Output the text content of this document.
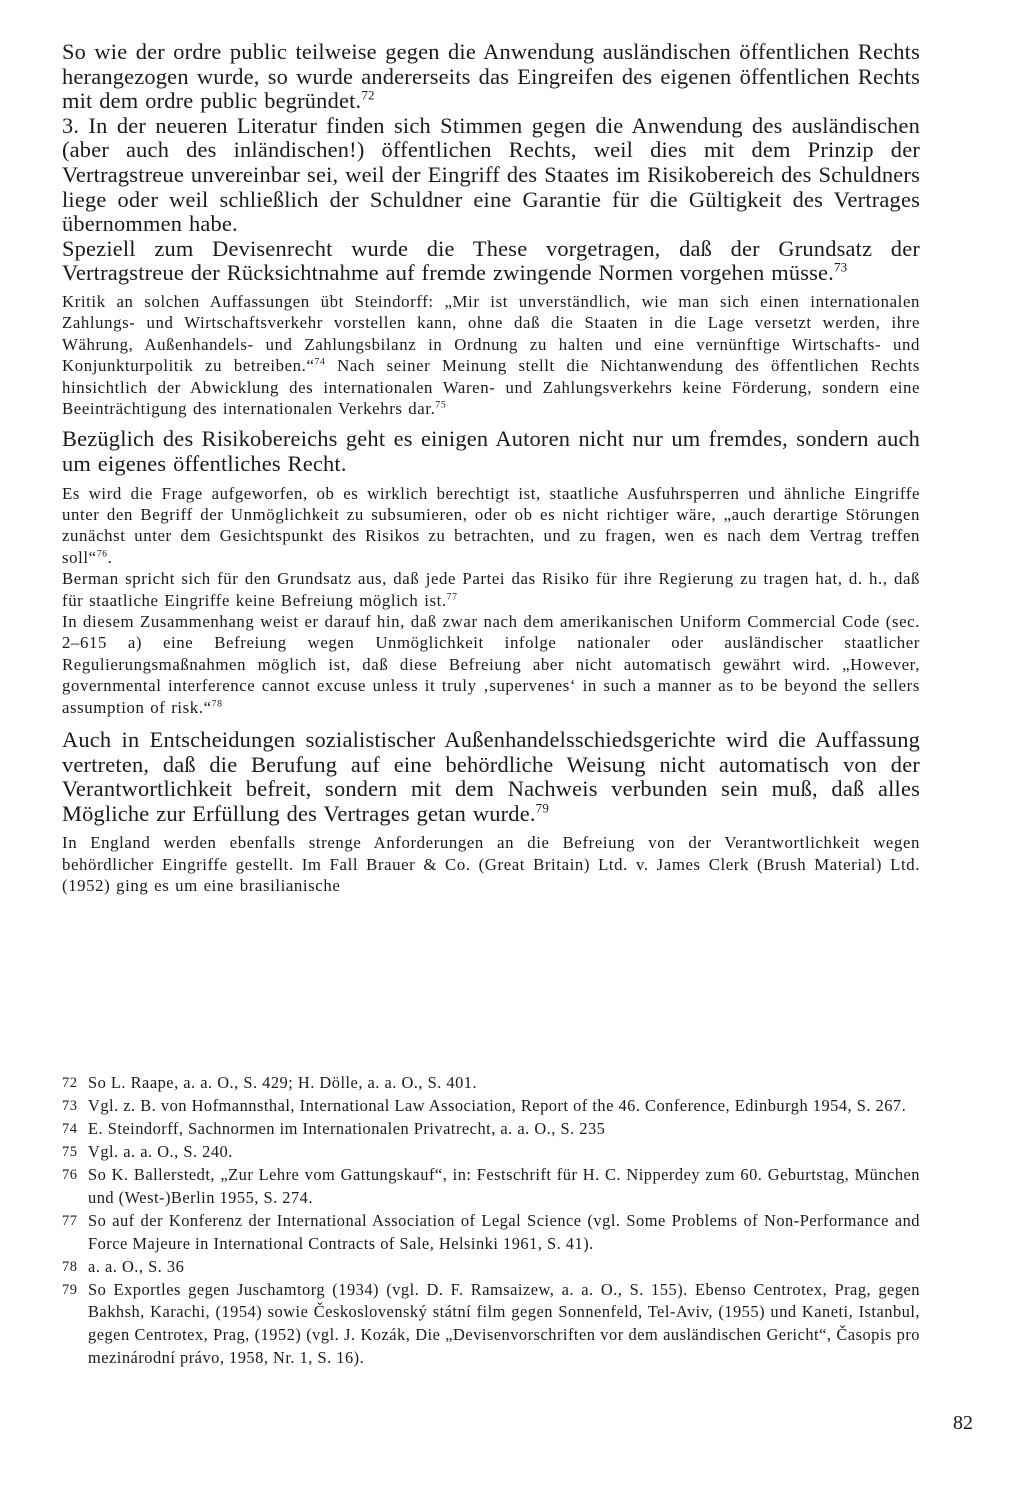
So wie der ordre public teilweise gegen die Anwendung ausländischen öffentlichen Rechts herangezogen wurde, so wurde andererseits das Eingreifen des eigenen öffentlichen Rechts mit dem ordre public begründet.$^{72}$

3. In der neueren Literatur finden sich Stimmen gegen die Anwendung des ausländischen (aber auch des inländischen!) öffentlichen Rechts, weil dies mit dem Prinzip der Vertragstreue unvereinbar sei, weil der Eingriff des Staates im Risikobereich des Schuldners liege oder weil schließlich der Schuldner eine Garantie für die Gültigkeit des Vertrages übernommen habe.

Speziell zum Devisenrecht wurde die These vorgetragen, daß der Grundsatz der Vertragstreue der Rücksichtnahme auf fremde zwingende Normen vorgehen müsse.$^{73}$

Kritik an solchen Auffassungen übt Steindorff: „Mir ist unverständlich, wie man sich einen internationalen Zahlungs- und Wirtschaftsverkehr vorstellen kann, ohne daß die Staaten in die Lage versetzt werden, ihre Währung, Außenhandels- und Zahlungsbilanz in Ordnung zu halten und eine vernünftige Wirtschafts- und Konjunkturpolitik zu betreiben.“$^{74}$ Nach seiner Meinung stellt die Nichtanwendung des öffentlichen Rechts hinsichtlich der Abwicklung des internationalen Waren- und Zahlungsverkehrs keine Förderung, sondern eine Beeinträchtigung des internationalen Verkehrs dar.$^{75}$

Bezüglich des Risikobereichs geht es einigen Autoren nicht nur um fremdes, sondern auch um eigenes öffentliches Recht.

Es wird die Frage aufgeworfen, ob es wirklich berechtigt ist, staatliche Ausfuhrsperren und ähnliche Eingriffe unter den Begriff der Unmöglichkeit zu subsumieren, oder ob es nicht richtiger wäre, „auch derartige Störungen zunächst unter dem Gesichtspunkt des Risikos zu betrachten, und zu fragen, wen es nach dem Vertrag treffen soll“$^{76}$.

Berman spricht sich für den Grundsatz aus, daß jede Partei das Risiko für ihre Regierung zu tragen hat, d. h., daß für staatliche Eingriffe keine Befreiung möglich ist.$^{77}$

In diesem Zusammenhang weist er darauf hin, daß zwar nach dem amerikanischen Uniform Commercial Code (sec. 2–615 a) eine Befreiung wegen Unmöglichkeit infolge nationaler oder ausländischer staatlicher Regulierungsmaßnahmen möglich ist, daß diese Befreiung aber nicht automatisch gewährt wird. „However, governmental interference cannot excuse unless it truly ‚supervenes‘ in such a manner as to be beyond the sellers assumption of risk.“$^{78}$

Auch in Entscheidungen sozialistischer Außenhandelsschiedsgerichte wird die Auffassung vertreten, daß die Berufung auf eine behördliche Weisung nicht automatisch von der Verantwortlichkeit befreit, sondern mit dem Nachweis verbunden sein muß, daß alles Mögliche zur Erfüllung des Vertrages getan wurde.$^{79}$

In England werden ebenfalls strenge Anforderungen an die Befreiung von der Verantwortlichkeit wegen behördlicher Eingriffe gestellt. Im Fall Brauer & Co. (Great Britain) Ltd. v. James Clerk (Brush Material) Ltd. (1952) ging es um eine brasilianische

72 So L. Raape, a. a. O., S. 429; H. Dölle, a. a. O., S. 401.
73 Vgl. z. B. von Hofmannsthal, International Law Association, Report of the 46. Conference, Edinburgh 1954, S. 267.
74 E. Steindorff, Sachnormen im Internationalen Privatrecht, a. a. O., S. 235
75 Vgl. a. a. O., S. 240.
76 So K. Ballerstedt, „Zur Lehre vom Gattungskauf“, in: Festschrift für H. C. Nipperdey zum 60. Geburtstag, München und (West-)Berlin 1955, S. 274.
77 So auf der Konferenz der International Association of Legal Science (vgl. Some Problems of Non-Performance and Force Majeure in International Contracts of Sale, Helsinki 1961, S. 41).
78 a. a. O., S. 36
79 So Exportles gegen Juschamtorg (1934) (vgl. D. F. Ramsaizew, a. a. O., S. 155). Ebenso Centrotex, Prag, gegen Bakhsh, Karachi, (1954) sowie Československý státní film gegen Sonnenfeld, Tel-Aviv, (1955) und Kaneti, Istanbul, gegen Centrotex, Prag, (1952) (vgl. J. Kozák, Die „Devisenvorschriften vor dem ausländischen Gericht“, Časopis pro mezinárodní právo, 1958, Nr. 1, S. 16).
82
